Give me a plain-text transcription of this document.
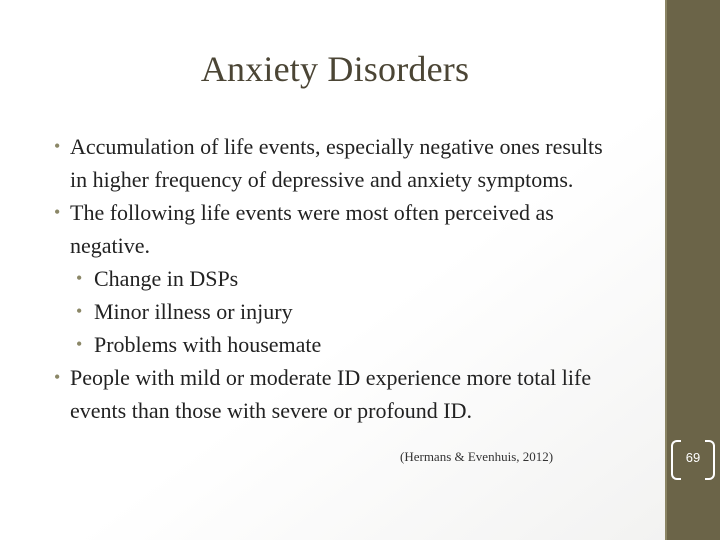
Anxiety Disorders
• Accumulation of life events, especially negative ones results in higher frequency of depressive and anxiety symptoms.
• The following life events were most often perceived as negative.
• Change in DSPs
• Minor illness or injury
• Problems with housemate
• People with mild or moderate ID experience more total life events than those with severe or profound ID.
(Hermans & Evenhuis, 2012)	69
